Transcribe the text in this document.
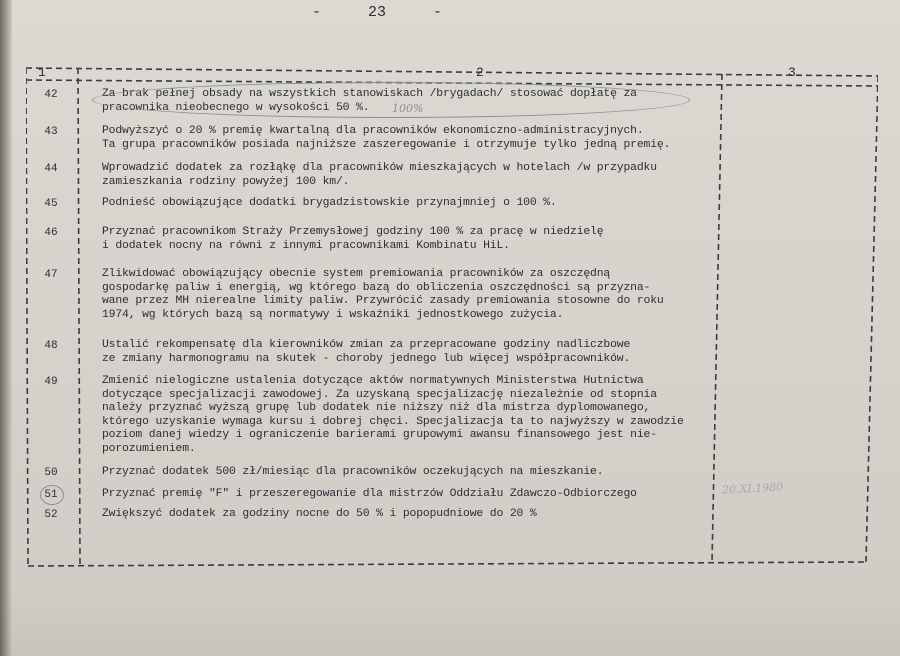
-	23	-
1	2	3
42	Za brak pełnej obsady na wszystkich stanowiskach /brygadach/ stosować dopłatę za
pracownika nieobecnego w wysokości 50 %.
43	Podwyższyć o 20 % premię kwartalną dla pracowników ekonomiczno-administracyjnych.
Ta grupa pracowników posiada najniższe zaszeregowanie i otrzymuje tylko jedną premię.
44	Wprowadzić dodatek za rozłąkę dla pracowników mieszkających w hotelach /w przypadku
zamieszkania rodziny powyżej 100 km/.
45	Podnieść obowiązujące dodatki brygadzistowskie przynajmniej o 100 %.
46	Przyznać pracownikom Straży Przemysłowej godziny 100 % za pracę w niedzielę
i dodatek nocny na równi z innymi pracownikami Kombinatu HiL.
47	Zlikwidować obowiązujący obecnie system premiowania pracowników za oszczędną
gospodarkę paliw i energią, wg którego bazą do obliczenia oszczędności są przyzna-
wane przez MH nierealne limity paliw. Przywrócić zasady premiowania stosowne do roku
1974, wg których bazą są normatywy i wskaźniki jednostkowego zużycia.
48	Ustalić rekompensatę dla kierowników zmian za przepracowane godziny nadliczbowe
ze zmiany harmonogramu na skutek - choroby jednego lub więcej współpracowników.
49	Zmienić nielogiczne ustalenia dotyczące aktów normatywnych Ministerstwa Hutnictwa
dotyczące specjalizacji zawodowej. Za uzyskaną specjalizację niezależnie od stopnia
należy przyznać wyższą grupę lub dodatek nie niższy niż dla mistrza dyplomowanego,
którego uzyskanie wymaga kursu i dobrej chęci. Specjalizacja ta to najwyższy w zawodzie
poziom danej wiedzy i ograniczenie barierami grupowymi awansu finansowego jest nie-
porozumieniem.
50	Przyznać dodatek 500 zł/miesiąc dla pracowników oczekujących na mieszkanie.
51	Przyznać premię "F" i przeszeregowanie dla mistrzów Oddziału Zdawczo-Odbiorczego
52	Zwiększyć dodatek za godziny nocne do 50 % i popopudniowe do 20 %
100%
20.XI.1980
